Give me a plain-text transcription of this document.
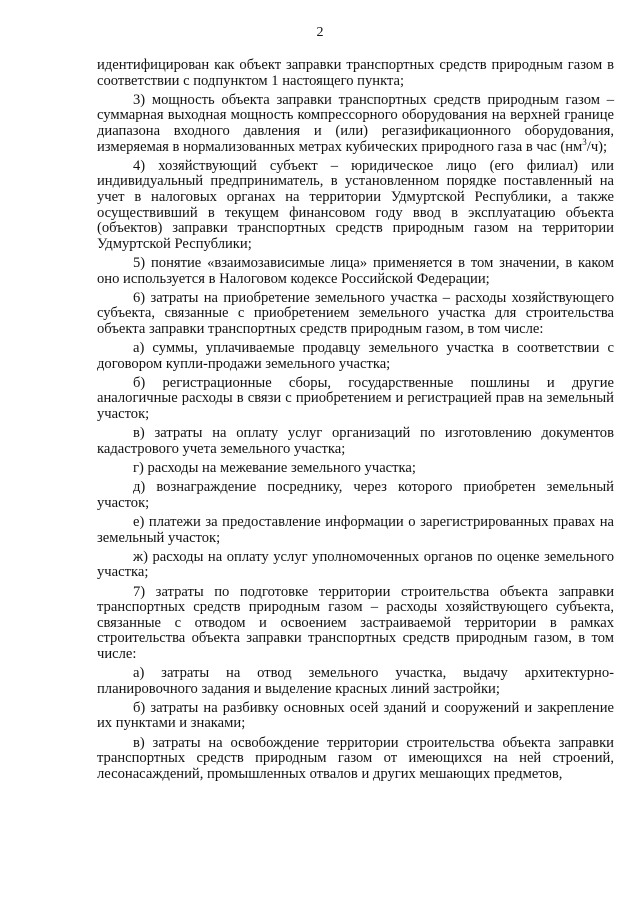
2

идентифицирован как объект заправки транспортных средств природным газом в соответствии с подпунктом 1 настоящего пункта;

3) мощность объекта заправки транспортных средств природным газом – суммарная выходная мощность компрессорного оборудования на верхней границе диапазона входного давления и (или) регазификационного оборудования, измеряемая в нормализованных метрах кубических природного газа в час $(нм^3/ч)$;

4) хозяйствующий субъект – юридическое лицо (его филиал) или индивидуальный предприниматель, в установленном порядке поставленный на учет в налоговых органах на территории Удмуртской Республики, а также осуществивший в текущем финансовом году ввод в эксплуатацию объекта (объектов) заправки транспортных средств природным газом на территории Удмуртской Республики;

5) понятие «взаимозависимые лица» применяется в том значении, в каком оно используется в Налоговом кодексе Российской Федерации;

6) затраты на приобретение земельного участка – расходы хозяйствующего субъекта, связанные с приобретением земельного участка для строительства объекта заправки транспортных средств природным газом, в том числе:

а) суммы, уплачиваемые продавцу земельного участка в соответствии с договором купли-продажи земельного участка;

б) регистрационные сборы, государственные пошлины и другие аналогичные расходы в связи с приобретением и регистрацией прав на земельный участок;

в) затраты на оплату услуг организаций по изготовлению документов кадастрового учета земельного участка;

г) расходы на межевание земельного участка;

д) вознаграждение посреднику, через которого приобретен земельный участок;

е) платежи за предоставление информации о зарегистрированных правах на земельный участок;

ж) расходы на оплату услуг уполномоченных органов по оценке земельного участка;

7) затраты по подготовке территории строительства объекта заправки транспортных средств природным газом – расходы хозяйствующего субъекта, связанные с отводом и освоением застраиваемой территории в рамках строительства объекта заправки транспортных средств природным газом, в том числе:

а) затраты на отвод земельного участка, выдачу архитектурно-планировочного задания и выделение красных линий застройки;

б) затраты на разбивку основных осей зданий и сооружений и закрепление их пунктами и знаками;

в) затраты на освобождение территории строительства объекта заправки транспортных средств природным газом от имеющихся на ней строений, лесонасаждений, промышленных отвалов и других мешающих предметов,
